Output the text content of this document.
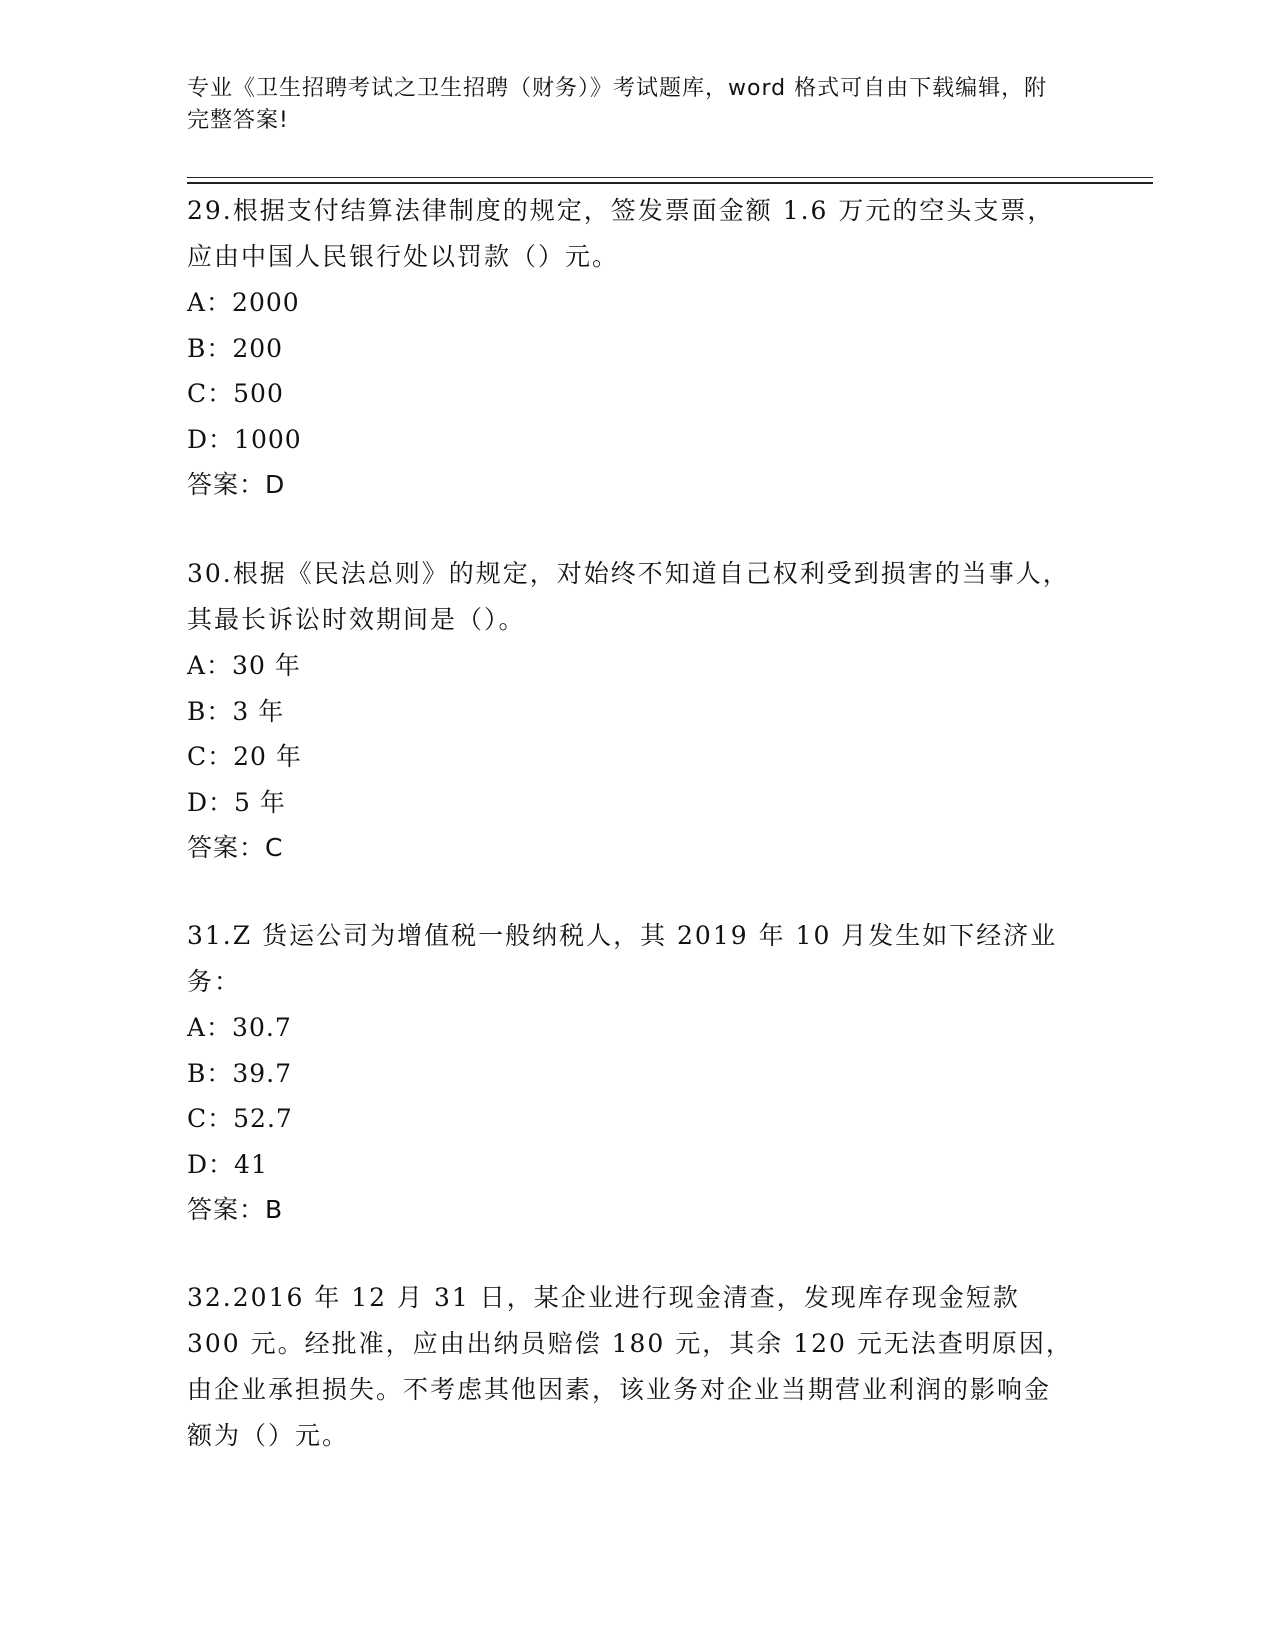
专业《卫生招聘考试之卫生招聘（财务）》考试题库，word 格式可自由下载编辑，附完整答案!
29.根据支付结算法律制度的规定，签发票面金额 1.6 万元的空头支票，应由中国人民银行处以罚款（）元。
A：2000
B：200
C：500
D：1000
答案：D
30.根据《民法总则》的规定，对始终不知道自己权利受到损害的当事人，其最长诉讼时效期间是（）。
A：30 年
B：3 年
C：20 年
D：5 年
答案：C
31.Z 货运公司为增值税一般纳税人，其 2019 年 10 月发生如下经济业务：
A：30.7
B：39.7
C：52.7
D：41
答案：B
32.2016 年 12 月 31 日，某企业进行现金清查，发现库存现金短款 300 元。经批准，应由出纳员赔偿 180 元，其余 120 元无法查明原因，由企业承担损失。不考虑其他因素，该业务对企业当期营业利润的影响金额为（）元。
